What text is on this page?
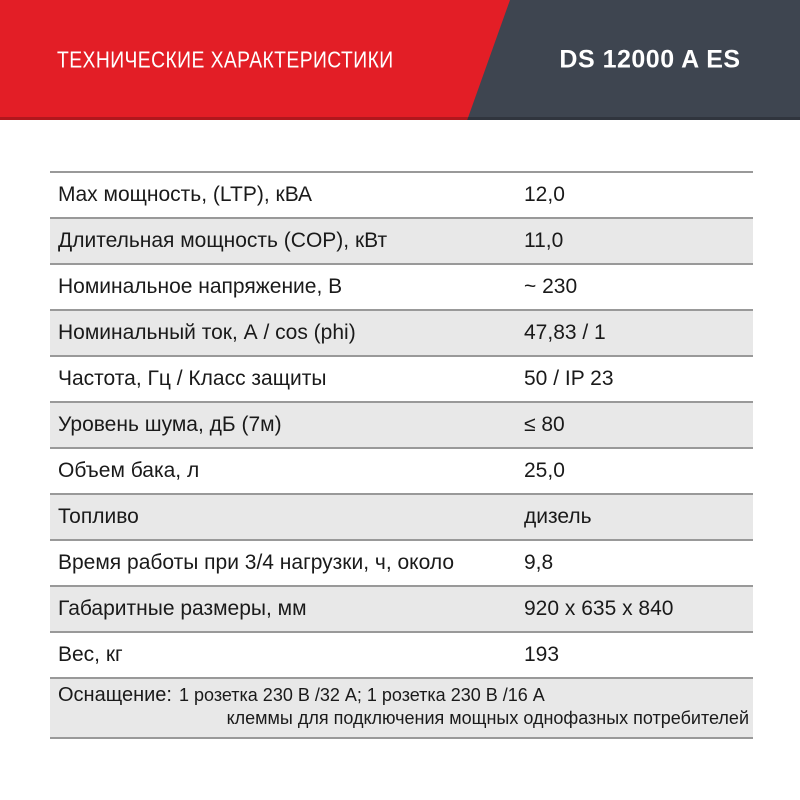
ТЕХНИЧЕСКИЕ ХАРАКТЕРИСТИКИ	DS 12000 A ES
Max мощность, (LTP), кВА	12,0
Длительная мощность (COP), кВт	11,0
Номинальное напряжение, В	~ 230
Номинальный ток, А / cos (phi)	47,83 / 1
Частота, Гц / Класс защиты	50 / IP 23
Уровень шума, дБ (7м)	≤ 80
Объем бака, л	25,0
Топливо	дизель
Время работы при 3/4 нагрузки, ч, около	9,8
Габаритные размеры, мм	920 x 635 x 840
Вес, кг	193
Оснащение: 1 розетка 230 В /32 А; 1 розетка 230 В /16 А
клеммы для подключения мощных однофазных потребителей
